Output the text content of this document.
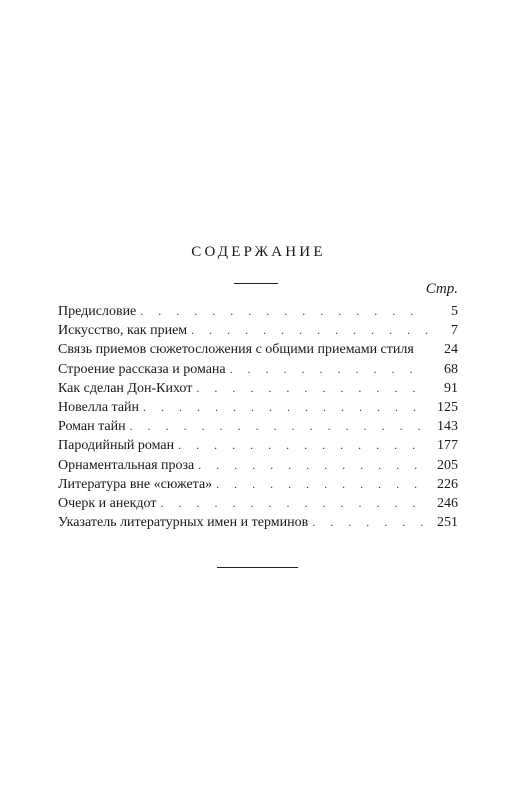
СОДЕРЖАНИЕ
Стр.
Предисловие . . .	5
Искусство, как прием . . .	7
Связь приемов сюжетосложения с общими приемами стиля	24
Строение рассказа и романа . . .	68
Как сделан Дон-Кихот . . .	91
Новелла тайн . . .	125
Роман тайн . . .	143
Пародийный роман . . .	177
Орнаментальная проза . . .	205
Литература вне «сюжета» . . .	226
Очерк и анекдот . . .	246
Указатель литературных имен и терминов . . .	251
